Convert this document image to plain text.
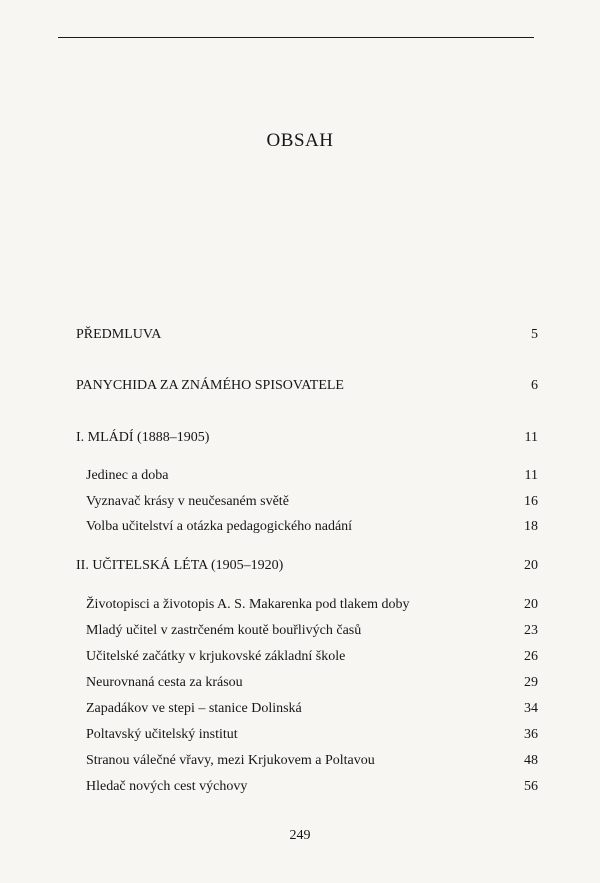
OBSAH
PŘEDMLUVA	5
PANYCHIDA ZA ZNÁMÉHO SPISOVATELE	6
I. MLÁDÍ (1888–1905)	11
Jedinec a doba	11
Vyznavač krásy v neučesaném světě	16
Volba učitelství a otázka pedagogického nadání	18
II. UČITELSKÁ LÉTA (1905–1920)	20
Životopisci a životopis A. S. Makarenka pod tlakem doby	20
Mladý učitel v zastrčeném koutě bouřlivých časů	23
Učitelské začátky v krjukovské základní škole	26
Neurovnaná cesta za krásou	29
Zapadákov ve stepi – stanice Dolinská	34
Poltavský učitelský institut	36
Stranou válečné vřavy, mezi Krjukovem a Poltavou	48
Hledač nových cest výchovy	56
249
